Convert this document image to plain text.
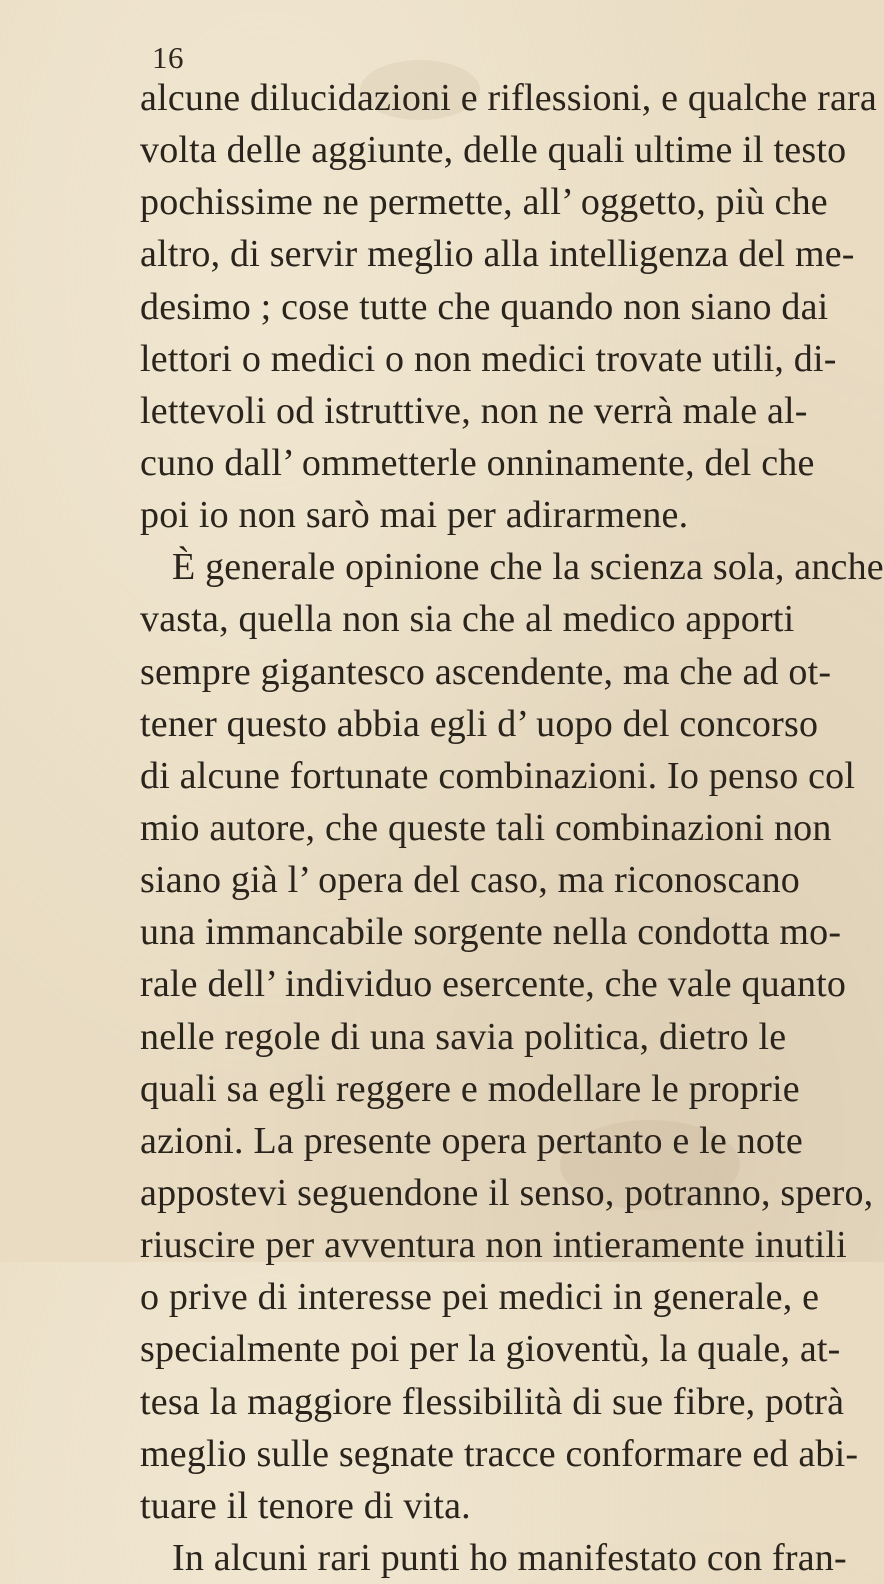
16
alcune dilucidazioni e riflessioni, e qualche rara
volta delle aggiunte, delle quali ultime il testo
pochissime ne permette, all’ oggetto, più che
altro, di servir meglio alla intelligenza del me-
desimo ; cose tutte che quando non siano dai
lettori o medici o non medici trovate utili, di-
lettevoli od istruttive, non ne verrà male al-
cuno dall’ ommetterle onninamente, del che
poi io non sarò mai per adirarmene.
È generale opinione che la scienza sola, anche
vasta, quella non sia che al medico apporti
sempre gigantesco ascendente, ma che ad ot-
tener questo abbia egli d’ uopo del concorso
di alcune fortunate combinazioni. Io penso col
mio autore, che queste tali combinazioni non
siano già l’ opera del caso, ma riconoscano
una immancabile sorgente nella condotta mo-
rale dell’ individuo esercente, che vale quanto
nelle regole di una savia politica, dietro le
quali sa egli reggere e modellare le proprie
azioni. La presente opera pertanto e le note
appostevi seguendone il senso, potranno, spero,
riuscire per avventura non intieramente inutili
o prive di interesse pei medici in generale, e
specialmente poi per la gioventù, la quale, at-
tesa la maggiore flessibilità di sue fibre, potrà
meglio sulle segnate tracce conformare ed abi-
tuare il tenore di vita.
In alcuni rari punti ho manifestato con fran-
